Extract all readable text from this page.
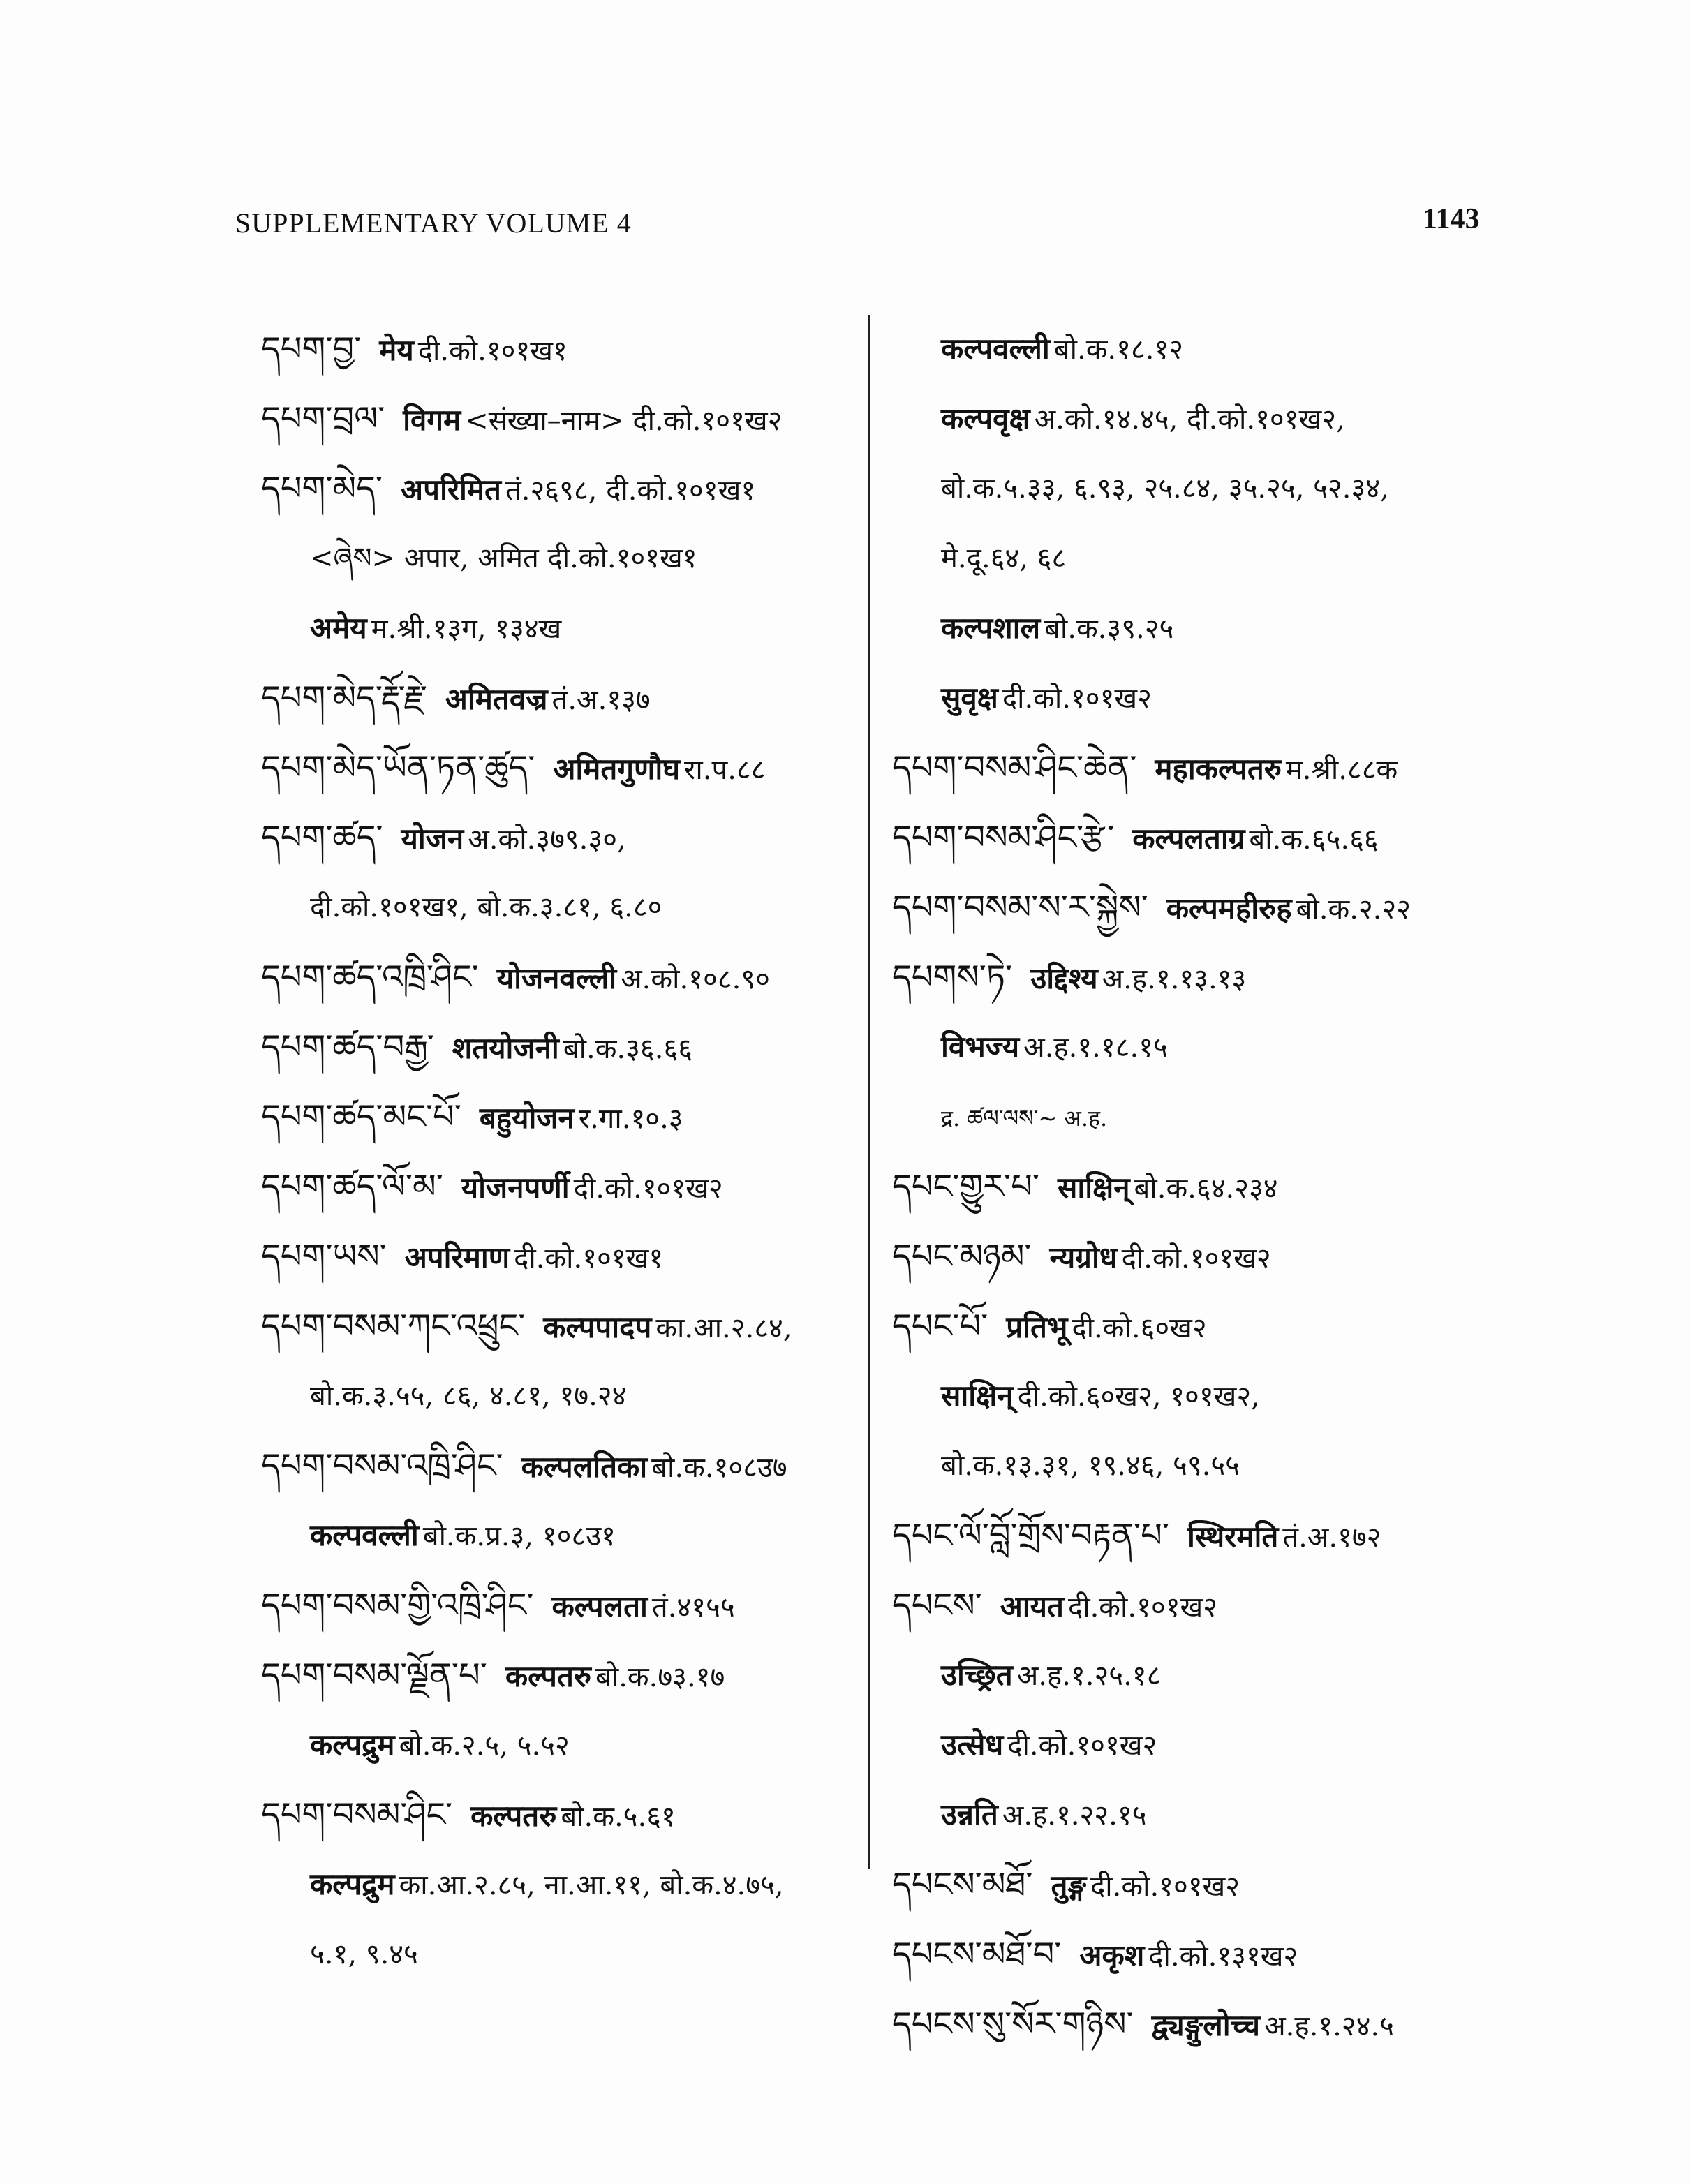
SUPPLEMENTARY VOLUME 4	1143
དཔག་བྱ་ मेय दी.को.१०१ख१
དཔག་བྲལ་ विगम <संख्या–नाम> दी.को.१०१ख२
དཔག་མེད་ अपरिमित तं.२६९८, दी.को.१०१ख१
<ཞེས> अपार, अमित दी.को.१०१ख१
अमेय म.श्री.१३ग, १३४ख
དཔག་མེད་རྡོ་རྗེ་ अमितवज्र तं.अ.१३७
དཔག་མེད་ཡོན་ཏན་ཚུད་ अमितगुणौघ रा.प.८८
དཔག་ཚད་ योजन अ.को.३७९.३०,
दी.को.१०१ख१, बो.क.३.८१, ६.८०
དཔག་ཚད་འཁྲི་ཤིང་ योजनवल्ली अ.को.१०८.९०
དཔག་ཚད་བརྒྱ་ शतयोजनी बो.क.३६.६६
དཔག་ཚད་མང་པོ་ बहुयोजन र.गा.१०.३
དཔག་ཚད་ལོ་མ་ योजनपर्णी दी.को.१०१ख२
དཔག་ཡས་ अपरिमाण दी.को.१०१ख१
དཔག་བསམ་ཀང་འཕྲུང་ कल्पपादप का.आ.२.८४,
बो.क.३.५५, ८६, ४.८१, १७.२४
དཔག་བསམ་འཁྲི་ཤིང་ कल्पलतिका बो.क.१०८उ७
कल्पवल्ली बो.क.प्र.३, १०८उ१
དཔག་བསམ་གྱི་འཁྲི་ཤིང་ कल्पलता तं.४१५५
དཔག་བསམ་ལྗོན་པ་ कल्पतरु बो.क.७३.१७
कल्पद्रुम बो.क.२.५, ५.५२
དཔག་བསམ་ཤིང་ कल्पतरु बो.क.५.६१
कल्पद्रुम का.आ.२.८५, ना.आ.११, बो.क.४.७५,
५.१, ९.४५
कल्पवल्ली बो.क.१८.१२
कल्पवृक्ष अ.को.१४.४५, दी.को.१०१ख२,
बो.क.५.३३, ६.९३, २५.८४, ३५.२५, ५२.३४,
मे.दू.६४, ६८
कल्पशाल बो.क.३९.२५
सुवृक्ष दी.को.१०१ख२
དཔག་བསམ་ཤིང་ཆེན་ महाकल्पतरु म.श्री.८८क
དཔག་བསམ་ཤིང་རྩེ་ कल्पलताग्र बो.क.६५.६६
དཔག་བསམ་ས་ར་སྐྱེས་ कल्पमहीरुह बो.क.२.२२
དཔགས་ཏེ་ उद्दिश्य अ.ह.१.१३.१३
विभज्य अ.ह.१.१८.१५
द्र. ཚལ་ལས་~ अ.ह.
དཔང་གྱུར་པ་ साक्षिन् बो.क.६४.२३४
དཔང་མཉམ་ न्यग्रोध दी.को.१०१ख२
དཔང་པོ་ प्रतिभू दी.को.६०ख२
साक्षिन् दी.को.६०ख२, १०१ख२,
बो.क.१३.३१, १९.४६, ५९.५५
དཔང་ལོ་བློ་གྲོས་བརྟན་པ་ स्थिरमति तं.अ.१७२
དཔངས་ आयत दी.को.१०१ख२
उच्छ्रित अ.ह.१.२५.१८
उत्सेध दी.को.१०१ख२
उन्नति अ.ह.१.२२.१५
དཔངས་མཐོ་ तुङ्ग दी.को.१०१ख२
དཔངས་མཐོ་བ་ अकृश दी.को.१३१ख२
དཔངས་སུ་སོར་གཉིས་ द्व्यङ्गुलोच्च अ.ह.१.२४.५
